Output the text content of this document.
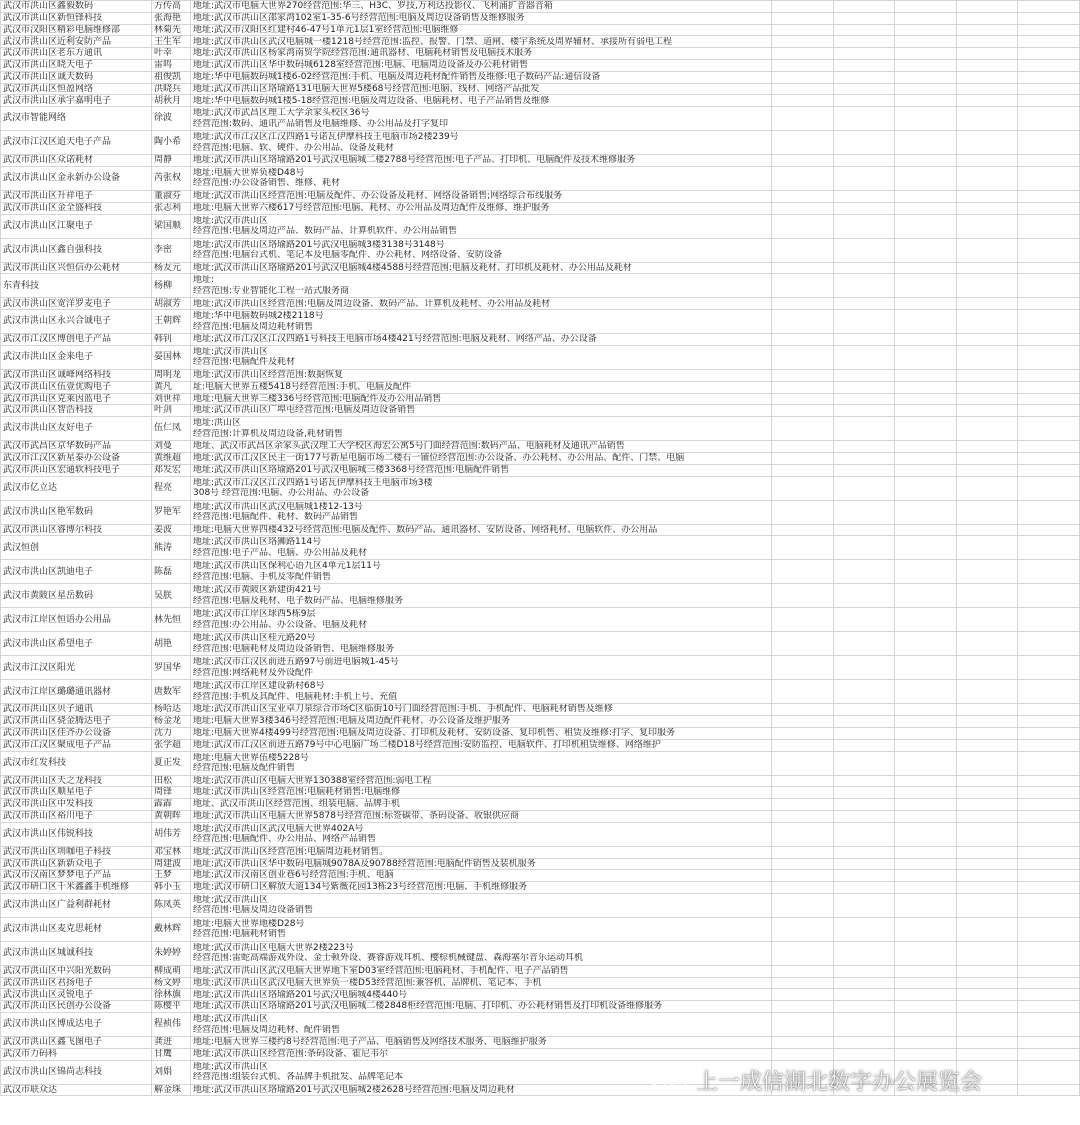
武汉市洪山区鑫毅数码	方传高	地址:武汉市电脑大世界270经营范围:华三、H3C、罗技,万利达投影仪、飞利浦扩音器音箱					

武汉市洪山区新恒锋科技	张海艳	地址:武汉市洪山区邵家湾102室1-35-6号经营范围:电脑及周边设备销售及维修服务					

武汉市汉阳区精彩电脑维修部	林菊先	地址:武汉市汉阳区红建村46-47号1单元1层1室经营范围:电脑维修					

武汉市洪山区近利安防产品	王生军	地址:武汉市洪山区武汉电脑城一楼1218号经营范围:监控、报警、门禁、道闸、楼宇系统及周界辅材、承接所有弱电工程					

武汉市洪山区老东方通讯	叶幸	地址:武汉市洪山区杨家湾南贸学院经营范围:通讯器材、电脑耗材销售及电脑技术服务					

武汉市洪山区晓天电子	雷鸣	地址:武汉市洪山区华中数码城6128室经营范围:电脑、电脑周边设备及办公耗材销售					

武汉市洪山区诚天数码	祖俊凯	地址:华中电脑数码城1楼6-02经营范围:手机、电脑及周边耗材配件销售及维修:电子数码产品:通信设备					

武汉市洪山区恒盈网络	洪晓兵	地址:武汉市洪山区珞瑜路131电脑大世界5楼68号经营范围:电脑、线材、网络产品批发					

武汉市洪山区承宇嘉明电子	胡秋月	地址:华中电脑数码城1楼5-18经营范围:电脑及周边设备、电脑耗材、电子产品销售及维修					

武汉市智能网络	徐波	地址:武汉市武昌区理工大学余家头校区36号
经营范围:数码、通讯产品销售及电脑维修、办公用品及打字复印					

武汉市江汉区追天电子产品	陶小希	地址:武汉市江汉区江汉四路1号诺瓦伊摩科技王电脑市场2楼239号
经营范围:电脑、软、硬件、办公用品、设备及耗材					

武汉市洪山区众诺耗材	周静	地址:武汉市洪山区珞瑜路201号武汉电脑城二楼2788号经营范围:电子产品、打印机、电脑配件及技术维修服务					

武汉市洪山区金永新办公设备	芮张权	地址:电脑大世界负楼D48号
经营范围:办公设备销售、维修、耗材					

武汉市洪山区升祥电子	董淑芬	地址:武汉市洪山区经营范围:电脑及配件、办公设备及耗材、网络设备销售;网络综合布线服务					

武汉市洪山区金全盛科技	张志利	地址:电脑大世界六楼617号经营范围:电脑、耗材、办公用品及周边配件及维修、维护服务					

武汉市洪山区江聚电子	梁国顺	地址:武汉市洪山区
经营范围:电脑及周边产品、数码产品、计算机软件、办公用品销售					

武汉市洪山区鑫自强科技	李密	地址:武汉市洪山区珞瑜路201号武汉电脑城3楼3138号3148号
经营范围:电脑台式机、笔记本及电脑零配件、办公耗材、网络设备、安防设备					

武汉市洪山区兴恒信办公耗材	杨友元	地址:武汉市洪山区珞瑜路201号武汉电脑城4楼4588号经营范围:电脑及耗材、打印机及耗材、办公用品及耗材					

东青科技	杨柳	地址:
经营范围:专业智能化工程一站式服务商					

武汉市洪山区宽洋罗麦电子	胡淑芳	地址:武汉市洪山区经营范围:电脑及周边设备、数码产品、计算机及耗材、办公用品及耗材					

武汉市洪山区永兴合诚电子	王朝辉	地址:华中电脑数码城2楼2118号
经营范围:电脑及周边耗材销售					

武汉市江汉区博创电子产品	韩钊	地址:武汉市江汉区江汉四路1号科技王电脑市场4楼421号经营范围:电脑及耗材、网络产品、办公设备					

武汉市洪山区金来电子	晏国林	地址:武汉市洪山区
经营范围:电脑配件及耗材					

武汉市洪山区诚峰网络科技	周明龙	地址:武汉市洪山区经营范围:数据恢复					

武汉市洪山区伍壹优购电子	黄凡	址:电脑大世界五楼5418号经营范围:手机、电脑及配件					

武汉市洪山区克莱因蓝电子	刘世祥	地址:电脑大世界三楼336号经营范围:电脑配件及办公用品销售					

武汉市洪山区智浩科技	叶剑	地址:武汉市洪山区广埠屯经营范围:电脑及周边设备销售					

武汉市洪山区友好电子	伍仁凤	地址:洪山区
经营范围:计算机及周边设备,耗材销售					

武汉市武昌区京华数码产品	刘曼	地址、武汉市武昌区余家头武汉理工大学校区海宏公寓5号门面经营范围:数码产品、电脑耗材及通讯产品销售					

武汉市江汉区新星泰办公设备	黄维超	地址:武汉市江汉区民主一街177号新星电脑市场二楼右一铺位经营范围:办公设备、办公耗材、办公用品、配件、门禁、电脑					

武汉市洪山区宏通软科技电子	郑发宏	地址:武汉市洪山区珞瑜路201号武汉电脑城三楼3368号经营范围:电脑配件销售					

武汉市亿立达	程亮	地址:武汉市江汉区江汉四路1号诺瓦伊摩科技王电脑市场3楼
308号 经营范围:电脑、办公用品、办公设备					

武汉市洪山区艳军数码	罗艳军	地址:武汉市洪山区武汉电脑城1楼12-13号
经营范围:电脑配件、耗材、数码产品销售					

武汉市洪山区睿博尔科技	姜波	地址:电脑大世界四楼432号经营范围:电脑及配件、数码产品、通讯器材、安防设备、网络耗材、电脑软件、办公用品					

武汉恒创	熊涛	地址:武汉市洪山区珞狮路114号
经营范围:电子产品、电脑、办公用品及耗材					

武汉市洪山区凯迪电子	陈磊	地址:武汉市洪山区保利心语九区4单元1层11号
经营范围:电脑、手机及零配件销售					

武汉市黄陂区星岳数码	吴朕	地址:武汉市黄陂区新建街421号
经营范围:电脑及耗材、电子数码产品、电脑维修服务					

武汉市江岸区恒语办公用品	林先恒	地址:武汉市江岸区球西5栋9层
经营范围:办公用品、办公设备、电脑及耗材					

武汉市洪山区希望电子	胡艳	地址:武汉市洪山区桂元路20号
经营范围:电脑耗材及周边设备销售、电脑维修服务					

武汉市江汉区阳光	罗国华	地址:武汉市江汉区前进五路97号前进电脑城1-45号
经营范围:网络耗材及外设配件					

武汉市江岸区璐璐通讯器材	唐数军	地址:武汉市江岸区建设新村68号
经营范围:手机及其配件、电脑耗材:手机上号、充值					

武汉市洪山区贝子通讯	杨哈达	地址:武汉市洪山区宝业卓刀泉综合市场C区临街10号门面经营范围:手机、手机配件、电脑耗材销售及维修					

武汉市洪山区骁金腾达电子	杨金龙	地址:电脑大世界3楼346号经营范围:电脑及周边配件耗材、办公设备及维护服务					

武汉市洪山区佳齐办公设备	沈力	地址:电脑大世界4楼499号经营范围:电脑及周边设备、打印机及耗材、安防设备、复印机售、租赁及维修:打字、复印服务					

武汉市江汉区聚成电子产品	张学超	地址:武汉市江汉区前进五路79号中心电脑广场二楼D18号经营范围:安防监控、电脑软件、打印机租赁维修、网络维护					

武汉市红发科技	夏正发	地址:电脑大世界伍楼5228号
经营范围:电脑及配件销售					

武汉市洪山区天之龙科技	田松	地址:武汉市洪山区电脑大世界130388室经营范围:弱电工程					

武汉市洪山区顺星电子	周锋	地址:武汉市洪山区经营范围:电脑耗材销售:电脑维修					

武汉市洪山区中发科技	霹霹	地址、武汉市洪山区经营范围、组装电脑、品牌手机					

武汉市洪山区裕川电子	黄朝晖	地址:武汉市洪山区电脑大世界5878号经营范围:标签碳带、条码设备、收银供应商					

武汉市洪山区伟锐科技	胡伟芳	地址:武汉市洪山区武汉电脑大世界402A号
经营范围:电脑配件、办公用品、网络产品销售					

武汉市洪山区圳咖电子科技	邓宝林	地址:武汉市洪山区经营范围:电脑周边耗材销售。					

武汉市洪山区新新众电子	周建波	地址:武汉市洪山区华中数码电脑城9078A及90788经营范围:电脑配件销售及装机服务					

武汉市汉南区梦梦电子产品	王梦	地址:武汉市汉南区创业巷6号经营范围:手机、电脑					

武汉市研口区千米鑫鑫手机维修	韩小玉	地址:武汉市研口区解放大道134号紫薇花园13栋23号经营范围:电脑、手机维修服务					

武汉市洪山区广益利群耗材	陈凤英	地址:武汉市洪山区
经营范围:电脑及周边设备销售					

武汉市洪山区麦克思耗材	戴林辉	地址:电脑大世界地楼D28号
经营范围:电脑耗材销售					

武汉市洪山区城诚科技	朱婷婷	地址:武汉市洪山区电脑大世界2楼223号
经营范围:雷蛇高端游戏外设、金士顿外设、赛睿游戏耳机、樱棕机械键盘、森海塞尔音乐运动耳机					

武汉市洪山区中兴阳光数码	柳成萌	地址:武汉市洪山区武汉电脑大世界地下室D03室经营范围:电脑耗材、手机配件、电子产品销售					

武汉市洪山区君扬电子	杨文婷	地址:武汉市洪山区武汉电脑大世界负一楼D53经营范围:兼容机、品牌机、笔记本、手机					

武汉市洪山区灵锐电子	徐林旗	地址:武汉市洪山区珞瑜路201号武汉电脑城4楼440号					

武汉市洪山区民创办公设备	陈樱平	地址:武汉市洪山区珞瑜路201号武汉电脑城二楼2848柜经营范围:电脑、打印机、办公耗材销售及打印机设备维修服务					

武汉市洪山区博成达电子	程祯伟	地址:武汉市洪山区
经营范围:电脑及周边耗材、配件销售					

武汉市洪山区鑫飞图电子	龚进	地址:电脑大世界三楼约8号经营范围:电子产品、电脑销售及网络技术服务、电脑维护服务					

武汉市力码科	甘鹰	地址:武汉市洪山区经营范围:条码设备、霍尼韦尔					

武汉市洪山区锦尚志科技	刘娟	地址:武汉市洪山区
经营范围:组装台式机、各品牌手机批发、品牌笔记本					

武汉市联众达	解金珠	地址:武汉市洪山区珞瑜路201号武汉电脑城2楼2628号经营范围:电脑及周边耗材					
						上一成信湖北数字办公展览会
